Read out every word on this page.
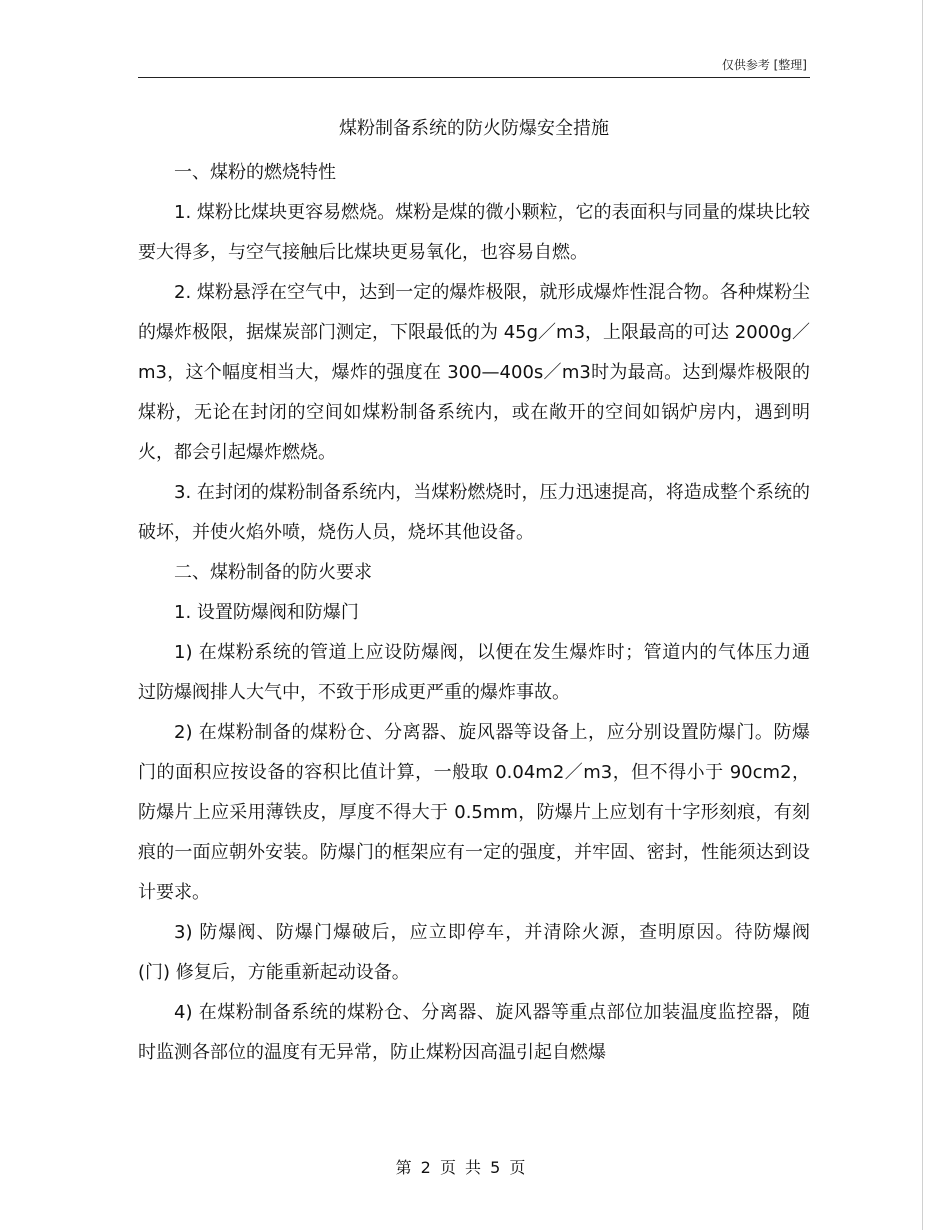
仅供参考 [整理]
煤粉制备系统的防火防爆安全措施

一、煤粉的燃烧特性

1. 煤粉比煤块更容易燃烧。煤粉是煤的微小颗粒，它的表面积与同量的煤块比较要大得多，与空气接触后比煤块更易氧化，也容易自燃。

2. 煤粉悬浮在空气中，达到一定的爆炸极限，就形成爆炸性混合物。各种煤粉尘的爆炸极限，据煤炭部门测定，下限最低的为 45g／m3，上限最高的可达 2000g／m3，这个幅度相当大，爆炸的强度在 300—400s／m3时为最高。达到爆炸极限的煤粉，无论在封闭的空间如煤粉制备系统内，或在敞开的空间如锅炉房内，遇到明火，都会引起爆炸燃烧。

3. 在封闭的煤粉制备系统内，当煤粉燃烧时，压力迅速提高，将造成整个系统的破坏，并使火焰外喷，烧伤人员，烧坏其他设备。

二、煤粉制备的防火要求

1. 设置防爆阀和防爆门

1) 在煤粉系统的管道上应设防爆阀，以便在发生爆炸时；管道内的气体压力通过防爆阀排人大气中，不致于形成更严重的爆炸事故。

2) 在煤粉制备的煤粉仓、分离器、旋风器等设备上，应分别设置防爆门。防爆门的面积应按设备的容积比值计算，一般取 0.04m2／m3，但不得小于 90cm2，防爆片上应采用薄铁皮，厚度不得大于 0.5mm，防爆片上应划有十字形刻痕，有刻痕的一面应朝外安装。防爆门的框架应有一定的强度，并牢固、密封，性能须达到设计要求。

3) 防爆阀、防爆门爆破后，应立即停车，并清除火源，查明原因。待防爆阀 (门) 修复后，方能重新起动设备。

4) 在煤粉制备系统的煤粉仓、分离器、旋风器等重点部位加装温度监控器，随时监测各部位的温度有无异常，防止煤粉因高温引起自燃爆

第 2 页 共 5 页
